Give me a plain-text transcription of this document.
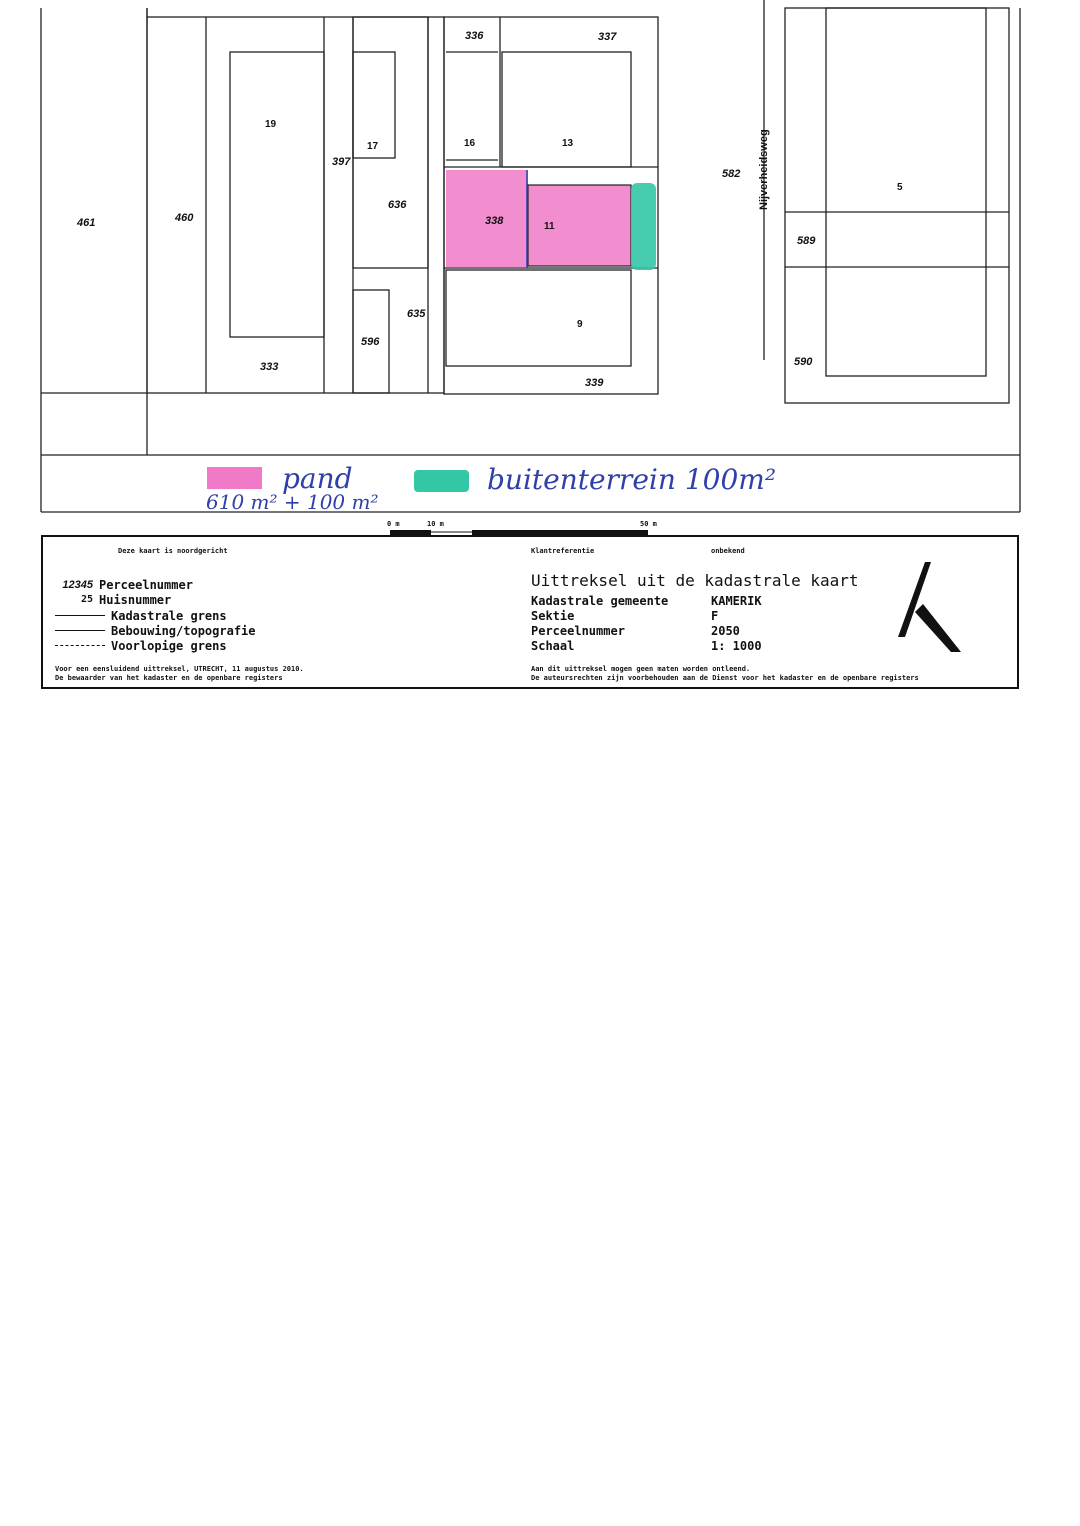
336	337
397
636
461	460	338
582
589
635
596
333
339
590
19
17	16	13
11
9
5
Nijverheidsweg
pand
610 m² + 100 m²
buitenterrein 100m²
0 m	10 m	50 m
Deze kaart is noordgericht	Klantreferentie	onbekend
12345 Perceelnummer
25 Huisnummer
Kadastrale grens
Bebouwing/topografie
Voorlopige grens
Uittreksel uit de kadastrale kaart
Kadastrale gemeente	KAMERIK
Sektie	F
Perceelnummer	2050
Schaal	1: 1000
Voor een eensluidend uittreksel, UTRECHT, 11 augustus 2010.
De bewaarder van het kadaster en de openbare registers
Aan dit uittreksel mogen geen maten worden ontleend.
De auteursrechten zijn voorbehouden aan de Dienst voor het kadaster en de openbare registers
